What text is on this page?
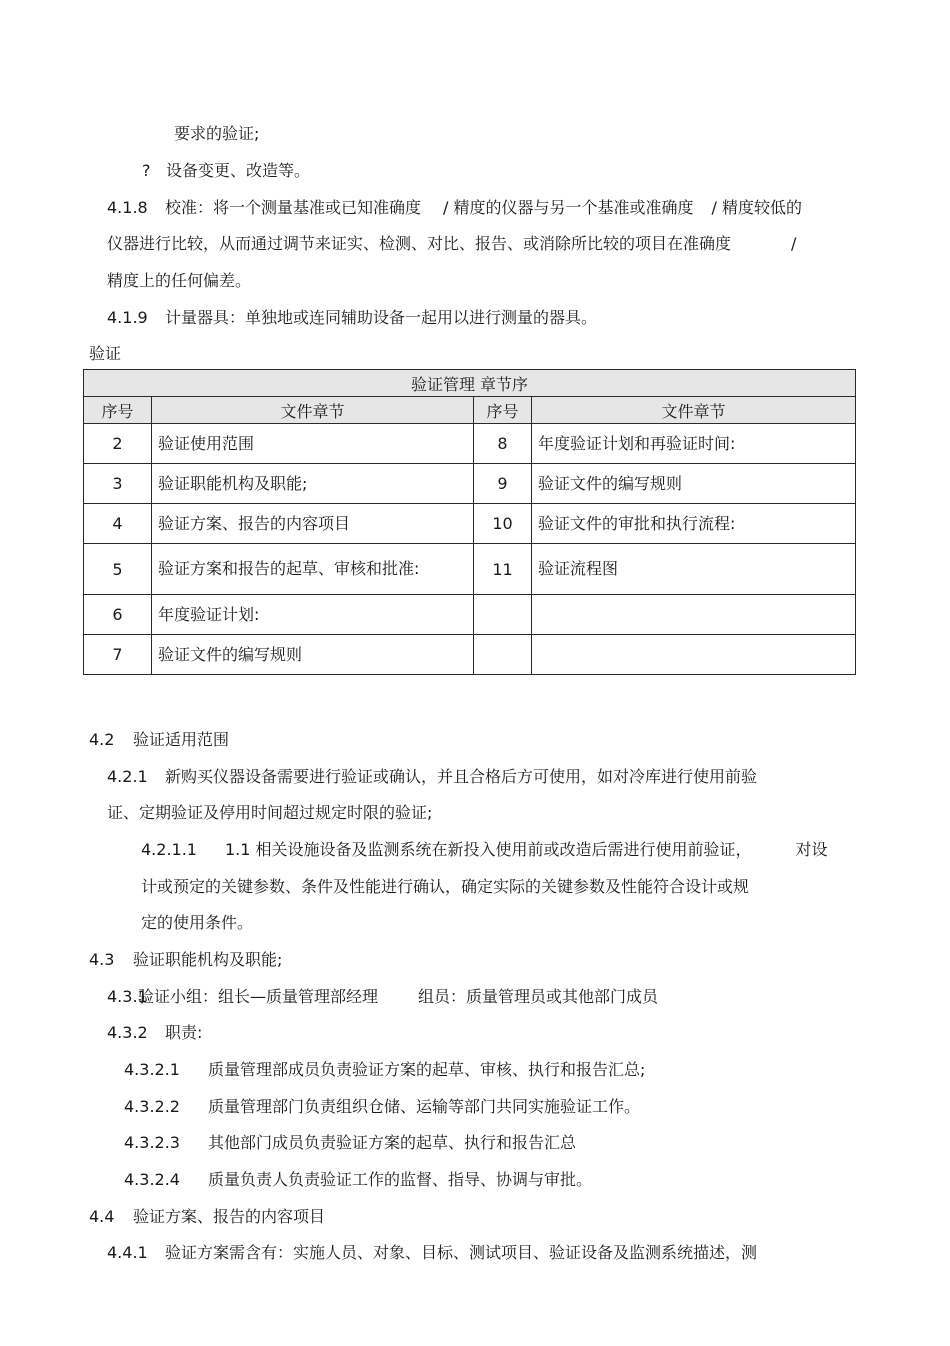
要求的验证;
? 设备变更、改造等。
4.1.8 校准：将一个测量基准或已知准确度 / 精度的仪器与另一个基准或准确度 / 精度较低的
仪器进行比较，从而通过调节来证实、检测、对比、报告、或消除所比较的项目在准确度	/
精度上的任何偏差。
4.1.9 计量器具：单独地或连同辅助设备一起用以进行测量的器具。
验证
验证管理 章节序			
序号	文件章节	序号	文件章节
2	验证使用范围	8	年度验证计划和再验证时间:
3	验证职能机构及职能;	9	验证文件的编写规则
4	验证方案、报告的内容项目	10	验证文件的审批和执行流程:
5	验证方案和报告的起草、审核和批准:	11	验证流程图
6	年度验证计划:		
7	验证文件的编写规则		
4.2 验证适用范围
4.2.1 新购买仪器设备需要进行验证或确认，并且合格后方可使用，如对冷库进行使用前验
证、定期验证及停用时间超过规定时限的验证;
4.2.1.1 1.1 相关设施设备及监测系统在新投入使用前或改造后需进行使用前验证，	对设
计或预定的关键参数、条件及性能进行确认，确定实际的关键参数及性能符合设计或规
定的使用条件。
4.3 验证职能机构及职能;
4.3.1验证小组：组长—质量管理部经理	组员：质量管理员或其他部门成员
4.3.2 职责:
4.3.2.1 质量管理部成员负责验证方案的起草、审核、执行和报告汇总;
4.3.2.2 质量管理部门负责组织仓储、运输等部门共同实施验证工作。
4.3.2.3 其他部门成员负责验证方案的起草、执行和报告汇总
4.3.2.4 质量负责人负责验证工作的监督、指导、协调与审批。
4.4 验证方案、报告的内容项目
4.4.1 验证方案需含有：实施人员、对象、目标、测试项目、验证设备及监测系统描述，测
